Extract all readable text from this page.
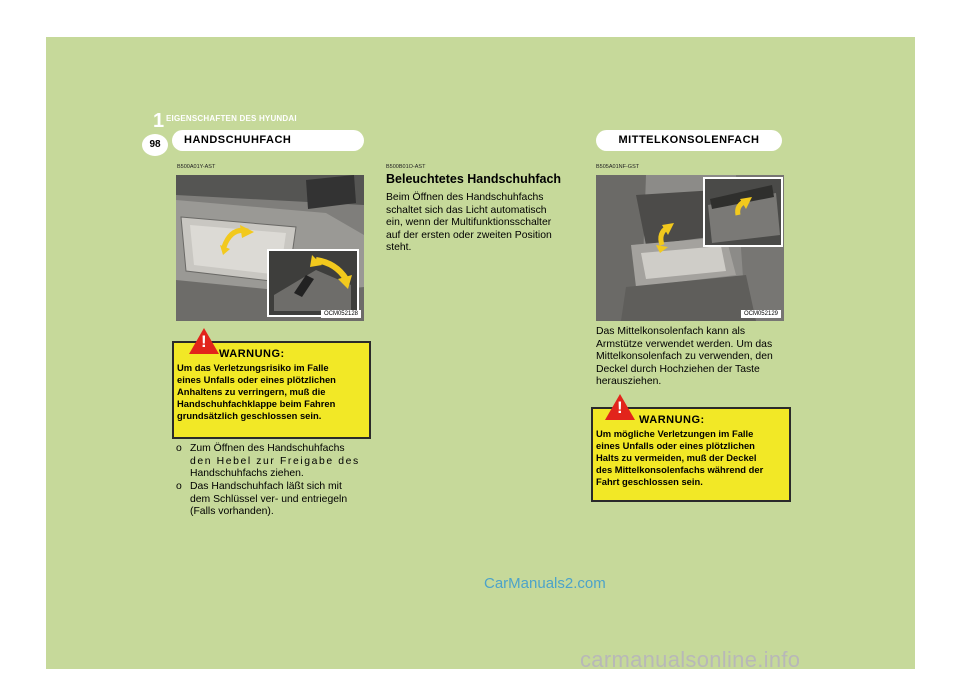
1 EIGENSCHAFTEN DES HYUNDAI
98	HANDSCHUHFACH
B500A01Y-AST
OCM052128
!
WARNUNG:
Um das Verletzungsrisiko im Falle
eines Unfalls oder eines plötzlichen
Anhaltens zu verringern, muß die
Handschuhfachklappe beim Fahren
grundsätzlich geschlossen sein.
o Zum Öffnen des Handschuhfachs
den Hebel zur Freigabe des
Handschuhfachs ziehen.
o Das Handschuhfach läßt sich mit
dem Schlüssel ver- und entriegeln
(Falls vorhanden).
B500B01O-AST
Beleuchtetes Handschuhfach
Beim Öffnen des Handschuhfachs
schaltet sich das Licht automatisch
ein, wenn der Multifunktionsschalter
auf der ersten oder zweiten Position
steht.
MITTELKONSOLENFACH
B505A01NF-GST
OCM052129
Das Mittelkonsolenfach kann als
Armstütze verwendet werden. Um das
Mittelkonsolenfach zu verwenden, den
Deckel durch Hochziehen der Taste
herausziehen.
!
WARNUNG:
Um mögliche Verletzungen im Falle
eines Unfalls oder eines plötzlichen
Halts zu vermeiden, muß der Deckel
des Mittelkonsolenfachs während der
Fahrt geschlossen sein.
CarManuals2.com
carmanualsonline.info
